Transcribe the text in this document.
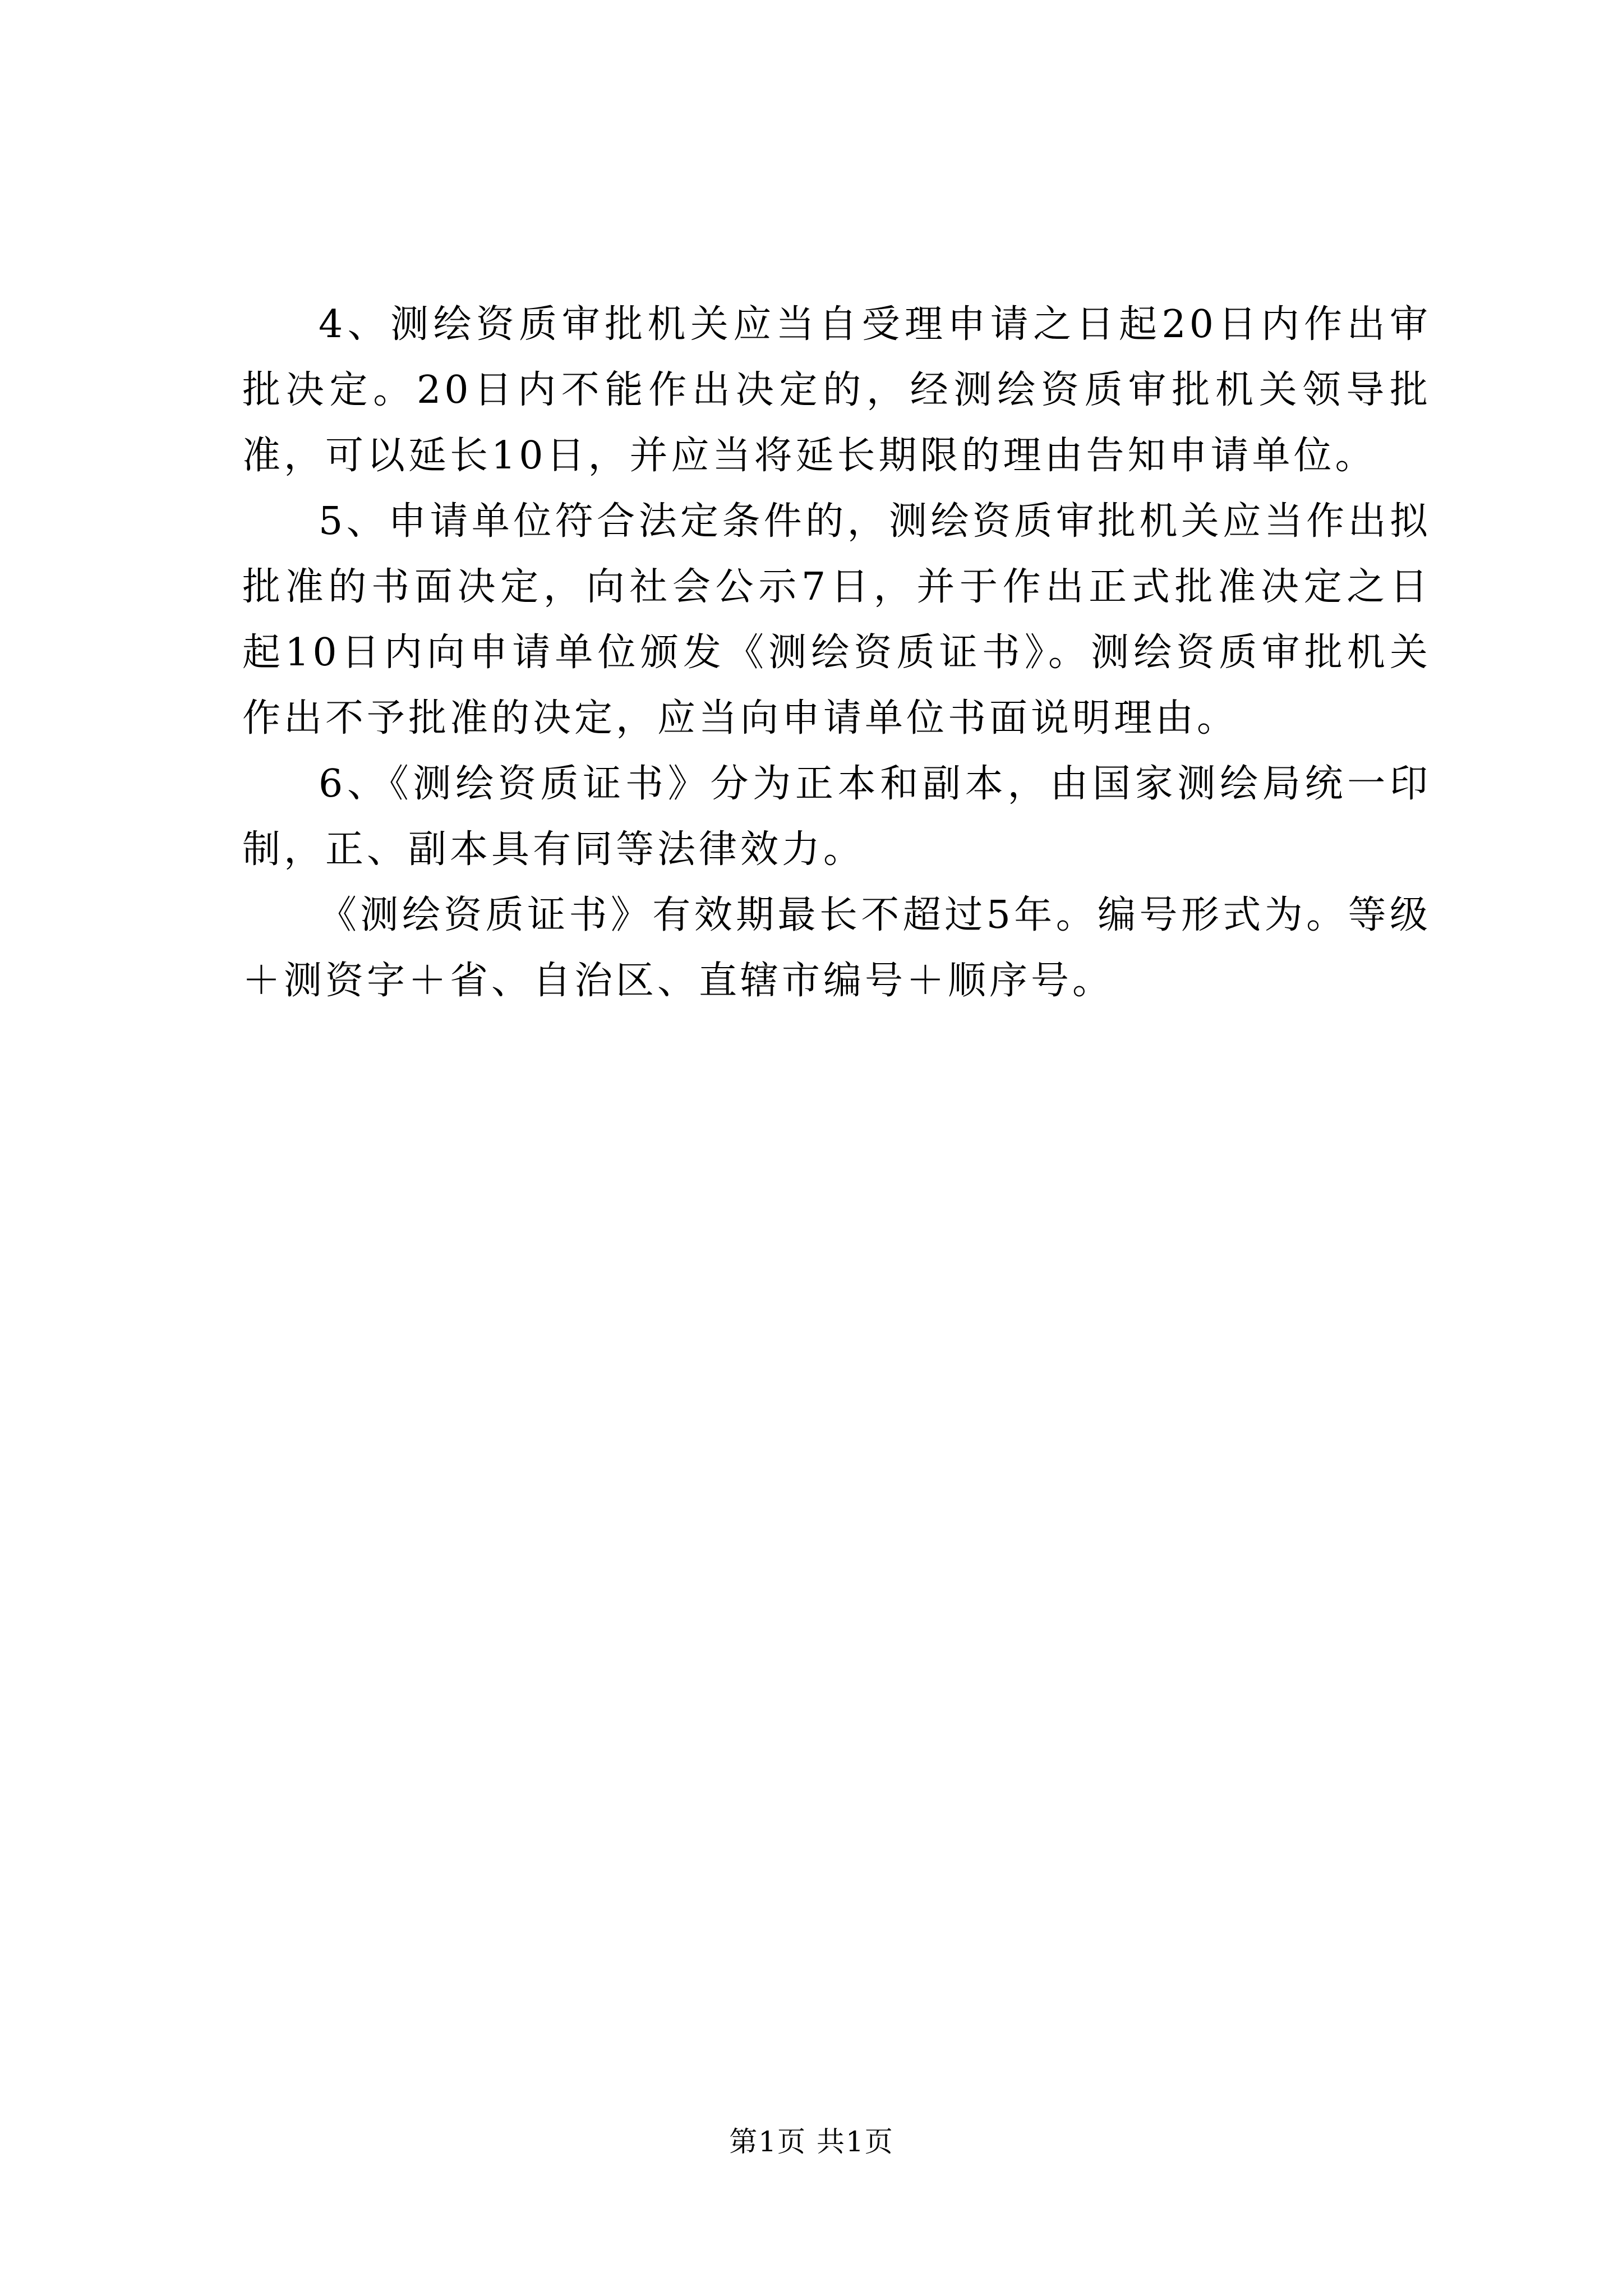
4、测绘资质审批机关应当自受理申请之日起20日内作出审批决定。20日内不能作出决定的，经测绘资质审批机关领导批准，可以延长10日，并应当将延长期限的理由告知申请单位。

5、申请单位符合法定条件的，测绘资质审批机关应当作出拟批准的书面决定，向社会公示7日，并于作出正式批准决定之日起10日内向申请单位颁发《测绘资质证书》。测绘资质审批机关作出不予批准的决定，应当向申请单位书面说明理由。

6、《测绘资质证书》分为正本和副本，由国家测绘局统一印制，正、副本具有同等法律效力。

《测绘资质证书》有效期最长不超过5年。编号形式为。等级＋测资字＋省、自治区、直辖市编号＋顺序号。

第1页 共1页
